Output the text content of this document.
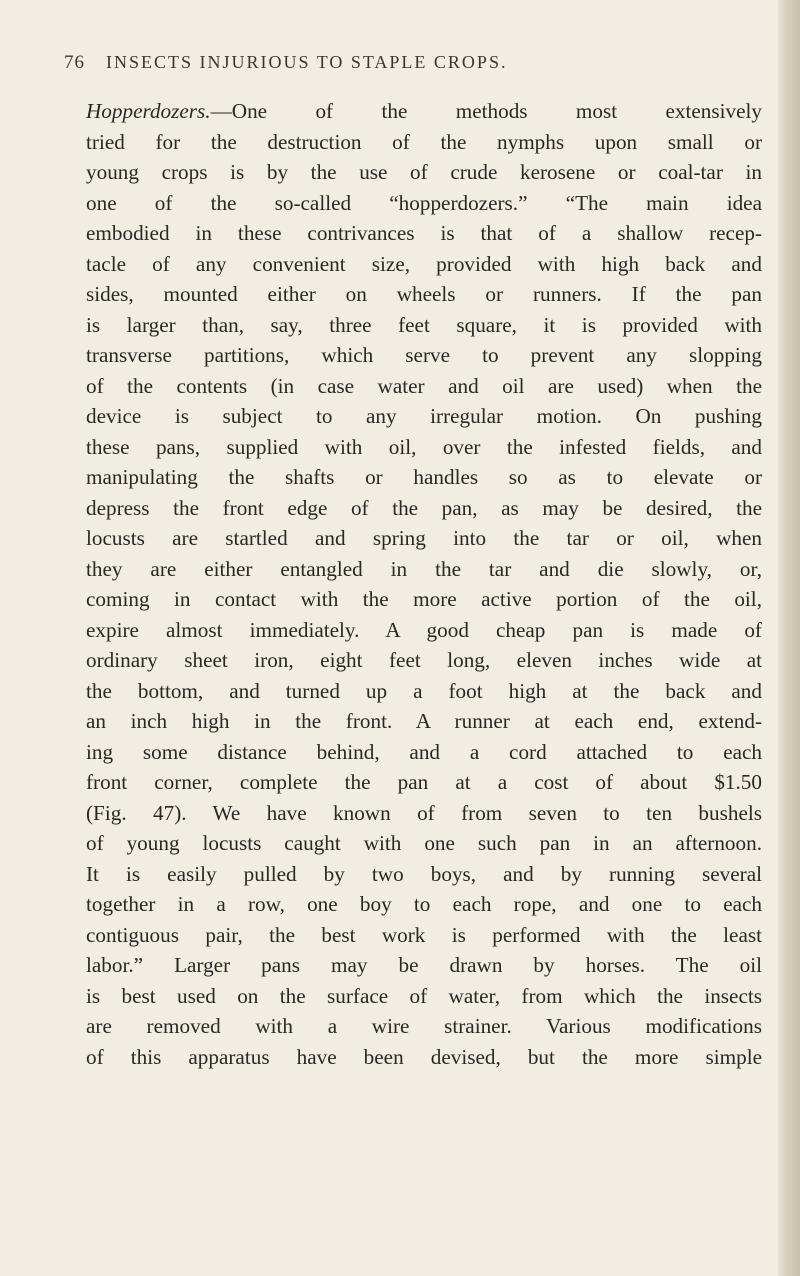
76 INSECTS INJURIOUS TO STAPLE CROPS.
Hopperdozers.—One of the methods most extensively
tried for the destruction of the nymphs upon small or
young crops is by the use of crude kerosene or coal-tar in
one of the so-called “hopperdozers.” “The main idea
embodied in these contrivances is that of a shallow recep-
tacle of any convenient size, provided with high back and
sides, mounted either on wheels or runners. If the pan
is larger than, say, three feet square, it is provided with
transverse partitions, which serve to prevent any slopping
of the contents (in case water and oil are used) when the
device is subject to any irregular motion. On pushing
these pans, supplied with oil, over the infested fields, and
manipulating the shafts or handles so as to elevate or
depress the front edge of the pan, as may be desired, the
locusts are startled and spring into the tar or oil, when
they are either entangled in the tar and die slowly, or,
coming in contact with the more active portion of the oil,
expire almost immediately. A good cheap pan is made of
ordinary sheet iron, eight feet long, eleven inches wide at
the bottom, and turned up a foot high at the back and
an inch high in the front. A runner at each end, extend-
ing some distance behind, and a cord attached to each
front corner, complete the pan at a cost of about $1.50
(Fig. 47). We have known of from seven to ten bushels
of young locusts caught with one such pan in an afternoon.
It is easily pulled by two boys, and by running several
together in a row, one boy to each rope, and one to each
contiguous pair, the best work is performed with the least
labor.” Larger pans may be drawn by horses. The oil
is best used on the surface of water, from which the insects
are removed with a wire strainer. Various modifications
of this apparatus have been devised, but the more simple
